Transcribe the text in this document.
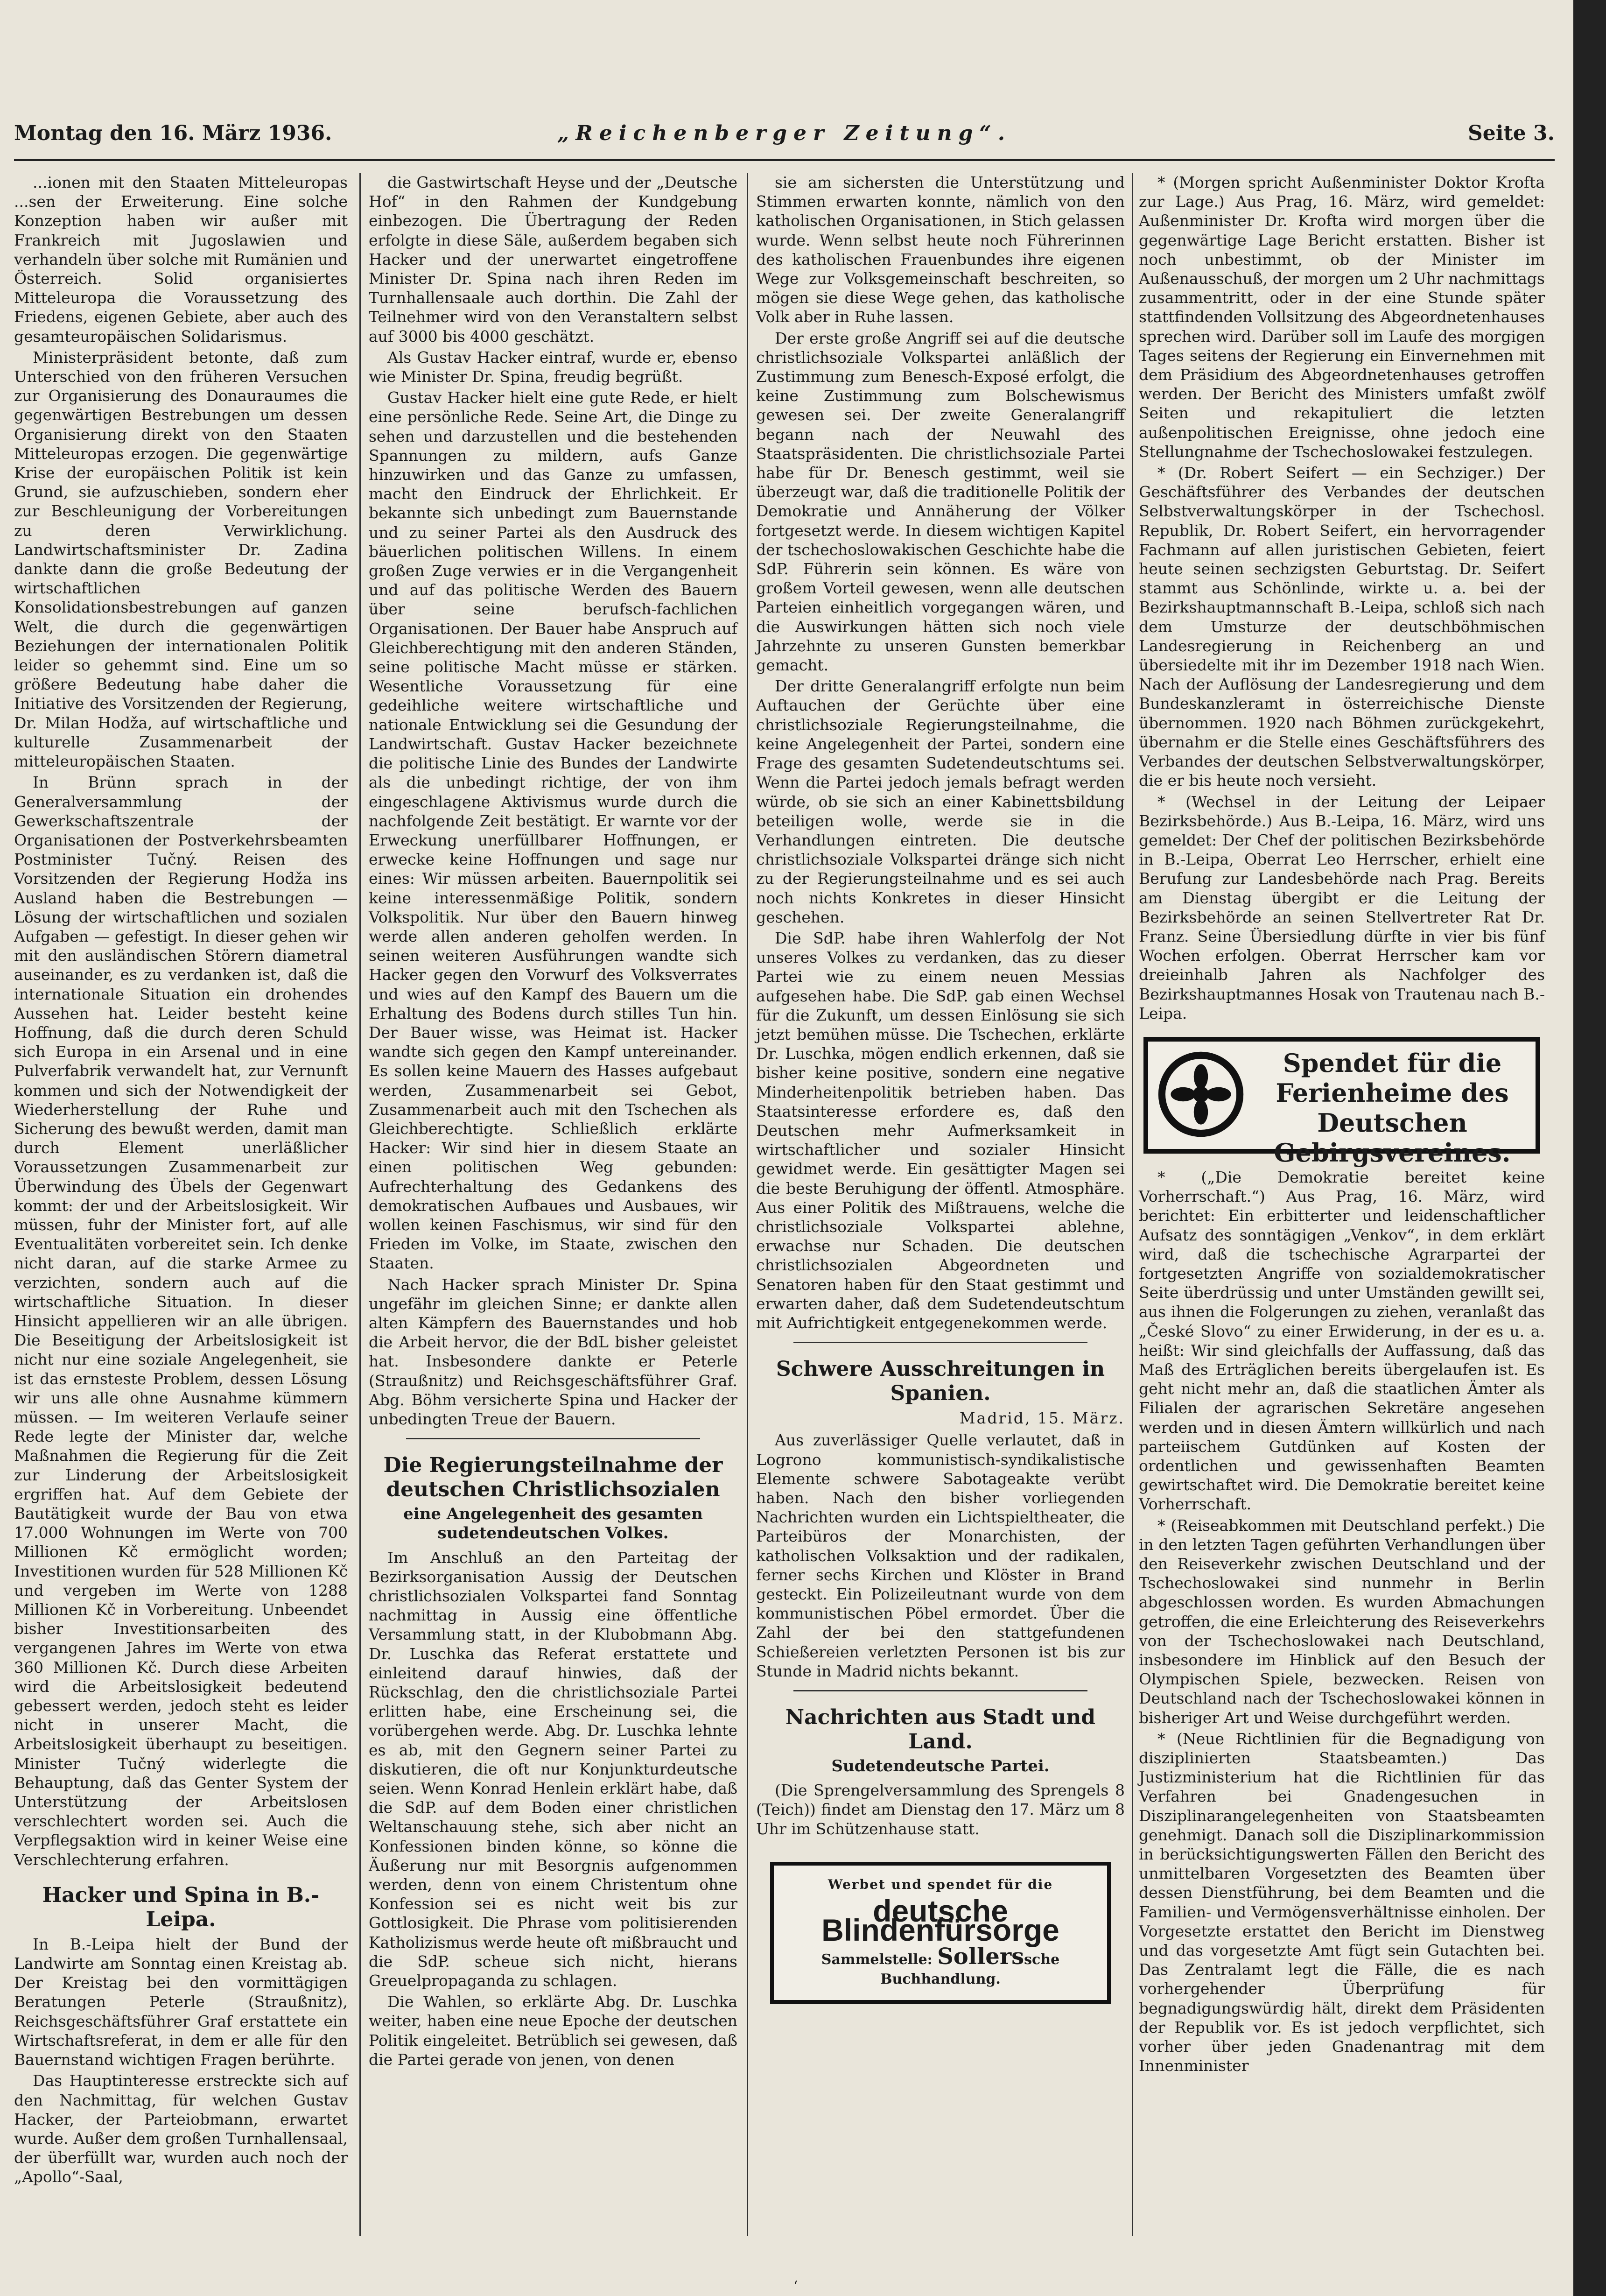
Montag den 16. März 1936.	„Reichenberger Zeitung“.	Seite 3.

...ionen mit den Staaten Mitteleuropas ...sen der Erweiterung. Eine solche Konzeption haben wir außer mit Frankreich mit Jugoslawien und verhandeln über solche mit Rumänien und Österreich. Solid organisiertes Mitteleuropa die Voraussetzung des Friedens, eigenen Gebiete, aber auch des gesamteuropäischen Solidarismus.

Ministerpräsident betonte, daß zum Unterschied von den früheren Versuchen zur Organisierung des Donauraumes die gegenwärtigen Bestrebungen um dessen Organisierung direkt von den Staaten Mitteleuropas erzogen. Die gegenwärtige Krise der europäischen Politik ist kein Grund, sie aufzuschieben, sondern eher zur Beschleunigung der Vorbereitungen zu deren Verwirklichung. Landwirtschaftsminister Dr. Zadina dankte dann die große Bedeutung der wirtschaftlichen Konsolidationsbestrebungen auf ganzen Welt, die durch die gegenwärtigen Beziehungen der internationalen Politik leider so gehemmt sind. Eine um so größere Bedeutung habe daher die Initiative des Vorsitzenden der Regierung, Dr. Milan Hodža, auf wirtschaftliche und kulturelle Zusammenarbeit der mitteleuropäischen Staaten.

In Brünn sprach in der Generalversammlung der Gewerkschaftszentrale der Organisationen der Postverkehrsbeamten Postminister Tučný. Reisen des Vorsitzenden der Regierung Hodža ins Ausland haben die Bestrebungen — Lösung der wirtschaftlichen und sozialen Aufgaben — gefestigt. In dieser gehen wir mit den ausländischen Störern diametral auseinander, es zu verdanken ist, daß die internationale Situation ein drohendes Aussehen hat. Leider besteht keine Hoffnung, daß die durch deren Schuld sich Europa in ein Arsenal und in eine Pulverfabrik verwandelt hat, zur Vernunft kommen und sich der Notwendigkeit der Wiederherstellung der Ruhe und Sicherung des bewußt werden, damit man durch Element unerläßlicher Voraussetzungen Zusammenarbeit zur Überwindung des Übels der Gegenwart kommt: der und der Arbeitslosigkeit. Wir müssen, fuhr der Minister fort, auf alle Eventualitäten vorbereitet sein. Ich denke nicht daran, auf die starke Armee zu verzichten, sondern auch auf die wirtschaftliche Situation. In dieser Hinsicht appellieren wir an alle übrigen. Die Beseitigung der Arbeitslosigkeit ist nicht nur eine soziale Angelegenheit, sie ist das ernsteste Problem, dessen Lösung wir uns alle ohne Ausnahme kümmern müssen. — Im weiteren Verlaufe seiner Rede legte der Minister dar, welche Maßnahmen die Regierung für die Zeit zur Linderung der Arbeitslosigkeit ergriffen hat. Auf dem Gebiete der Bautätigkeit wurde der Bau von etwa 17.000 Wohnungen im Werte von 700 Millionen Kč ermöglicht worden; Investitionen wurden für 528 Millionen Kč und vergeben im Werte von 1288 Millionen Kč in Vorbereitung. Unbeendet bisher Investitionsarbeiten des vergangenen Jahres im Werte von etwa 360 Millionen Kč. Durch diese Arbeiten wird die Arbeitslosigkeit bedeutend gebessert werden, jedoch steht es leider nicht in unserer Macht, die Arbeitslosigkeit überhaupt zu beseitigen. Minister Tučný widerlegte die Behauptung, daß das Genter System der Unterstützung der Arbeitslosen verschlechtert worden sei. Auch die Verpflegsaktion wird in keiner Weise eine Verschlechterung erfahren.

Hacker und Spina in B.-Leipa.

In B.-Leipa hielt der Bund der Landwirte am Sonntag einen Kreistag ab. Der Kreistag bei den vormittägigen Beratungen Peterle (Straußnitz), Reichsgeschäftsführer Graf erstattete ein Wirtschaftsreferat, in dem er alle für den Bauernstand wichtigen Fragen berührte.

Das Hauptinteresse erstreckte sich auf den Nachmittag, für welchen Gustav Hacker, der Parteiobmann, erwartet wurde. Außer dem großen Turnhallensaal, der überfüllt war, wurden auch noch der „Apollo“-Saal,

die Gastwirtschaft Heyse und der „Deutsche Hof“ in den Rahmen der Kundgebung einbezogen. Die Übertragung der Reden erfolgte in diese Säle, außerdem begaben sich Hacker und der unerwartet eingetroffene Minister Dr. Spina nach ihren Reden im Turnhallensaale auch dorthin. Die Zahl der Teilnehmer wird von den Veranstaltern selbst auf 3000 bis 4000 geschätzt.

Als Gustav Hacker eintraf, wurde er, ebenso wie Minister Dr. Spina, freudig begrüßt.

Gustav Hacker hielt eine gute Rede, er hielt eine persönliche Rede. Seine Art, die Dinge zu sehen und darzustellen und die bestehenden Spannungen zu mildern, aufs Ganze hinzuwirken und das Ganze zu umfassen, macht den Eindruck der Ehrlichkeit. Er bekannte sich unbedingt zum Bauernstande und zu seiner Partei als den Ausdruck des bäuerlichen politischen Willens. In einem großen Zuge verwies er in die Vergangenheit und auf das politische Werden des Bauern über seine berufsch-fachlichen Organisationen. Der Bauer habe Anspruch auf Gleichberechtigung mit den anderen Ständen, seine politische Macht müsse er stärken. Wesentliche Voraussetzung für eine gedeihliche weitere wirtschaftliche und nationale Entwicklung sei die Gesundung der Landwirtschaft. Gustav Hacker bezeichnete die politische Linie des Bundes der Landwirte als die unbedingt richtige, der von ihm eingeschlagene Aktivismus wurde durch die nachfolgende Zeit bestätigt. Er warnte vor der Erweckung unerfüllbarer Hoffnungen, er erwecke keine Hoffnungen und sage nur eines: Wir müssen arbeiten. Bauernpolitik sei keine interessenmäßige Politik, sondern Volkspolitik. Nur über den Bauern hinweg werde allen anderen geholfen werden. In seinen weiteren Ausführungen wandte sich Hacker gegen den Vorwurf des Volksverrates und wies auf den Kampf des Bauern um die Erhaltung des Bodens durch stilles Tun hin. Der Bauer wisse, was Heimat ist. Hacker wandte sich gegen den Kampf untereinander. Es sollen keine Mauern des Hasses aufgebaut werden, Zusammenarbeit sei Gebot, Zusammenarbeit auch mit den Tschechen als Gleichberechtigte. Schließlich erklärte Hacker: Wir sind hier in diesem Staate an einen politischen Weg gebunden: Aufrechterhaltung des Gedankens des demokratischen Aufbaues und Ausbaues, wir wollen keinen Faschismus, wir sind für den Frieden im Volke, im Staate, zwischen den Staaten.

Nach Hacker sprach Minister Dr. Spina ungefähr im gleichen Sinne; er dankte allen alten Kämpfern des Bauernstandes und hob die Arbeit hervor, die der BdL bisher geleistet hat. Insbesondere dankte er Peterle (Straußnitz) und Reichsgeschäftsführer Graf. Abg. Böhm versicherte Spina und Hacker der unbedingten Treue der Bauern.

Die Regierungsteilnahme der deutschen Christlichsozialen
eine Angelegenheit des gesamten sudetendeutschen Volkes.

Im Anschluß an den Parteitag der Bezirksorganisation Aussig der Deutschen christlichsozialen Volkspartei fand Sonntag nachmittag in Aussig eine öffentliche Versammlung statt, in der Klubobmann Abg. Dr. Luschka das Referat erstattete und einleitend darauf hinwies, daß der Rückschlag, den die christlichsoziale Partei erlitten habe, eine Erscheinung sei, die vorübergehen werde. Abg. Dr. Luschka lehnte es ab, mit den Gegnern seiner Partei zu diskutieren, die oft nur Konjunkturdeutsche seien. Wenn Konrad Henlein erklärt habe, daß die SdP. auf dem Boden einer christlichen Weltanschauung stehe, sich aber nicht an Konfessionen binden könne, so könne die Äußerung nur mit Besorgnis aufgenommen werden, denn von einem Christentum ohne Konfession sei es nicht weit bis zur Gottlosigkeit. Die Phrase vom politisierenden Katholizismus werde heute oft mißbraucht und die SdP. scheue sich nicht, hierans Greuelpropaganda zu schlagen.

Die Wahlen, so erklärte Abg. Dr. Luschka weiter, haben eine neue Epoche der deutschen Politik eingeleitet. Betrüblich sei gewesen, daß die Partei gerade von jenen, von denen

sie am sichersten die Unterstützung und Stimmen erwarten konnte, nämlich von den katholischen Organisationen, in Stich gelassen wurde. Wenn selbst heute noch Führerinnen des katholischen Frauenbundes ihre eigenen Wege zur Volksgemeinschaft beschreiten, so mögen sie diese Wege gehen, das katholische Volk aber in Ruhe lassen.

Der erste große Angriff sei auf die deutsche christlichsoziale Volkspartei anläßlich der Zustimmung zum Benesch-Exposé erfolgt, die keine Zustimmung zum Bolschewismus gewesen sei. Der zweite Generalangriff begann nach der Neuwahl des Staatspräsidenten. Die christlichsoziale Partei habe für Dr. Benesch gestimmt, weil sie überzeugt war, daß die traditionelle Politik der Demokratie und Annäherung der Völker fortgesetzt werde. In diesem wichtigen Kapitel der tschechoslowakischen Geschichte habe die SdP. Führerin sein können. Es wäre von großem Vorteil gewesen, wenn alle deutschen Parteien einheitlich vorgegangen wären, und die Auswirkungen hätten sich noch viele Jahrzehnte zu unseren Gunsten bemerkbar gemacht.

Der dritte Generalangriff erfolgte nun beim Auftauchen der Gerüchte über eine christlichsoziale Regierungsteilnahme, die keine Angelegenheit der Partei, sondern eine Frage des gesamten Sudetendeutschtums sei. Wenn die Partei jedoch jemals befragt werden würde, ob sie sich an einer Kabinettsbildung beteiligen wolle, werde sie in die Verhandlungen eintreten. Die deutsche christlichsoziale Volkspartei dränge sich nicht zu der Regierungsteilnahme und es sei auch noch nichts Konkretes in dieser Hinsicht geschehen.

Die SdP. habe ihren Wahlerfolg der Not unseres Volkes zu verdanken, das zu dieser Partei wie zu einem neuen Messias aufgesehen habe. Die SdP. gab einen Wechsel für die Zukunft, um dessen Einlösung sie sich jetzt bemühen müsse. Die Tschechen, erklärte Dr. Luschka, mögen endlich erkennen, daß sie bisher keine positive, sondern eine negative Minderheitenpolitik betrieben haben. Das Staatsinteresse erfordere es, daß den Deutschen mehr Aufmerksamkeit in wirtschaftlicher und sozialer Hinsicht gewidmet werde. Ein gesättigter Magen sei die beste Beruhigung der öffentl. Atmosphäre. Aus einer Politik des Mißtrauens, welche die christlichsoziale Volkspartei ablehne, erwachse nur Schaden. Die deutschen christlichsozialen Abgeordneten und Senatoren haben für den Staat gestimmt und erwarten daher, daß dem Sudetendeutschtum mit Aufrichtigkeit entgegenekommen werde.

Schwere Ausschreitungen in Spanien.
Madrid, 15. März.

Aus zuverlässiger Quelle verlautet, daß in Logrono kommunistisch-syndikalistische Elemente schwere Sabotageakte verübt haben. Nach den bisher vorliegenden Nachrichten wurden ein Lichtspieltheater, die Parteibüros der Monarchisten, der katholischen Volksaktion und der radikalen, ferner sechs Kirchen und Klöster in Brand gesteckt. Ein Polizeileutnant wurde von dem kommunistischen Pöbel ermordet. Über die Zahl der bei den stattgefundenen Schießereien verletzten Personen ist bis zur Stunde in Madrid nichts bekannt.

Nachrichten aus Stadt und Land.
Sudetendeutsche Partei.

(Die Sprengelversammlung des Sprengels 8 (Teich)) findet am Dienstag den 17. März um 8 Uhr im Schützenhause statt.

Werbet und spendet für die
deutsche Blindenfürsorge
Sammelstelle: Sollerssche Buchhandlung.

* (Morgen spricht Außenminister Doktor Krofta zur Lage.) Aus Prag, 16. März, wird gemeldet: Außenminister Dr. Krofta wird morgen über die gegenwärtige Lage Bericht erstatten. Bisher ist noch unbestimmt, ob der Minister im Außenausschuß, der morgen um 2 Uhr nachmittags zusammentritt, oder in der eine Stunde später stattfindenden Vollsitzung des Abgeordnetenhauses sprechen wird. Darüber soll im Laufe des morgigen Tages seitens der Regierung ein Einvernehmen mit dem Präsidium des Abgeordnetenhauses getroffen werden. Der Bericht des Ministers umfaßt zwölf Seiten und rekapituliert die letzten außenpolitischen Ereignisse, ohne jedoch eine Stellungnahme der Tschechoslowakei festzulegen.

* (Dr. Robert Seifert — ein Sechziger.) Der Geschäftsführer des Verbandes der deutschen Selbstverwaltungskörper in der Tschechosl. Republik, Dr. Robert Seifert, ein hervorragender Fachmann auf allen juristischen Gebieten, feiert heute seinen sechzigsten Geburtstag. Dr. Seifert stammt aus Schönlinde, wirkte u. a. bei der Bezirkshauptmannschaft B.-Leipa, schloß sich nach dem Umsturze der deutschböhmischen Landesregierung in Reichenberg an und übersiedelte mit ihr im Dezember 1918 nach Wien. Nach der Auflösung der Landesregierung und dem Bundeskanzleramt in österreichische Dienste übernommen. 1920 nach Böhmen zurückgekehrt, übernahm er die Stelle eines Geschäftsführers des Verbandes der deutschen Selbstverwaltungskörper, die er bis heute noch versieht.

* (Wechsel in der Leitung der Leipaer Bezirksbehörde.) Aus B.-Leipa, 16. März, wird uns gemeldet: Der Chef der politischen Bezirksbehörde in B.-Leipa, Oberrat Leo Herrscher, erhielt eine Berufung zur Landesbehörde nach Prag. Bereits am Dienstag übergibt er die Leitung der Bezirksbehörde an seinen Stellvertreter Rat Dr. Franz. Seine Übersiedlung dürfte in vier bis fünf Wochen erfolgen. Oberrat Herrscher kam vor dreieinhalb Jahren als Nachfolger des Bezirkshauptmannes Hosak von Trautenau nach B.-Leipa.

Spendet für die Ferienheime des Deutschen Gebirgsvereines.

* („Die Demokratie bereitet keine Vorherrschaft.“) Aus Prag, 16. März, wird berichtet: Ein erbitterter und leidenschaftlicher Aufsatz des sonntägigen „Venkov“, in dem erklärt wird, daß die tschechische Agrarpartei der fortgesetzten Angriffe von sozialdemokratischer Seite überdrüssig und unter Umständen gewillt sei, aus ihnen die Folgerungen zu ziehen, veranlaßt das „České Slovo“ zu einer Erwiderung, in der es u. a. heißt: Wir sind gleichfalls der Auffassung, daß das Maß des Erträglichen bereits übergelaufen ist. Es geht nicht mehr an, daß die staatlichen Ämter als Filialen der agrarischen Sekretäre angesehen werden und in diesen Ämtern willkürlich und nach parteiischem Gutdünken auf Kosten der ordentlichen und gewissenhaften Beamten gewirtschaftet wird. Die Demokratie bereitet keine Vorherrschaft.

* (Reiseabkommen mit Deutschland perfekt.) Die in den letzten Tagen geführten Verhandlungen über den Reiseverkehr zwischen Deutschland und der Tschechoslowakei sind nunmehr in Berlin abgeschlossen worden. Es wurden Abmachungen getroffen, die eine Erleichterung des Reiseverkehrs von der Tschechoslowakei nach Deutschland, insbesondere im Hinblick auf den Besuch der Olympischen Spiele, bezwecken. Reisen von Deutschland nach der Tschechoslowakei können in bisheriger Art und Weise durchgeführt werden.

* (Neue Richtlinien für die Begnadigung von disziplinierten Staatsbeamten.) Das Justizministerium hat die Richtlinien für das Verfahren bei Gnadengesuchen in Disziplinarangelegenheiten von Staatsbeamten genehmigt. Danach soll die Disziplinarkommission in berücksichtigungswerten Fällen den Bericht des unmittelbaren Vorgesetzten des Beamten über dessen Dienstführung, bei dem Beamten und die Familien- und Vermögensverhältnisse einholen. Der Vorgesetzte erstattet den Bericht im Dienstweg und das vorgesetzte Amt fügt sein Gutachten bei. Das Zentralamt legt die Fälle, die es nach vorhergehender Überprüfung für begnadigungswürdig hält, direkt dem Präsidenten der Republik vor. Es ist jedoch verpflichtet, sich vorher über jeden Gnadenantrag mit dem Innenminister

‘
